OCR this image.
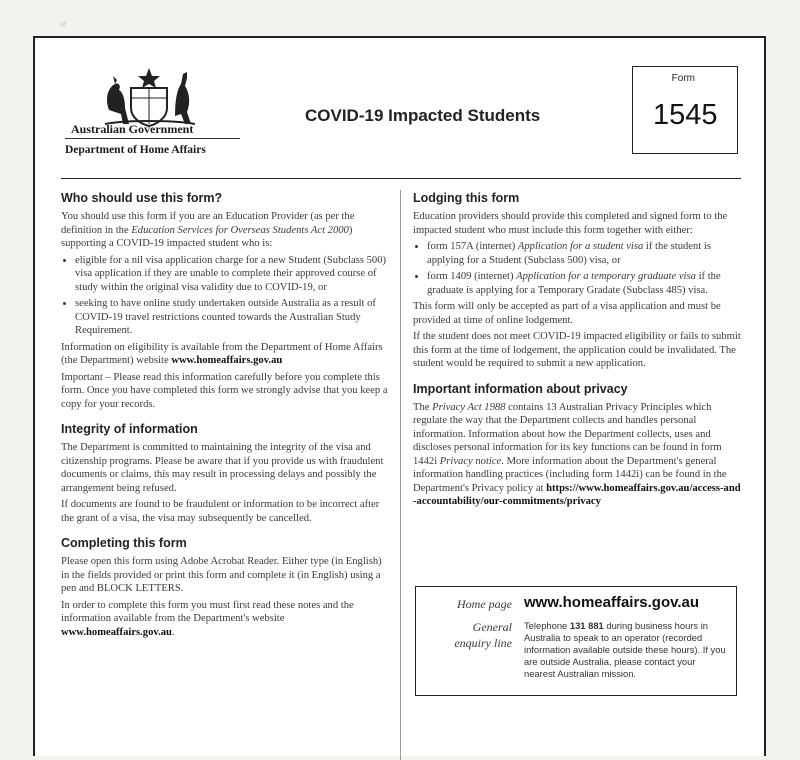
❤
Australian Government
Department of Home Affairs
COVID-19 Impacted Students
Form
1545
Who should use this form?

You should use this form if you are an Education Provider (as per the definition in the Education Services for Overseas Students Act 2000) supporting a COVID-19 impacted student who is:

• eligible for a nil visa application charge for a new Student (Subclass 500) visa application if they are unable to complete their approved course of study within the original visa validity due to COVID-19, or
• seeking to have online study undertaken outside Australia as a result of COVID-19 travel restrictions counted towards the Australian Study Requirement.

Information on eligibility is available from the Department of Home Affairs (the Department) website www.homeaffairs.gov.au

Important – Please read this information carefully before you complete this form. Once you have completed this form we strongly advise that you keep a copy for your records.

Integrity of information

The Department is committed to maintaining the integrity of the visa and citizenship programs. Please be aware that if you provide us with fraudulent documents or claims, this may result in processing delays and possibly the arrangement being refused.

If documents are found to be fraudulent or information to be incorrect after the grant of a visa, the visa may subsequently be cancelled.

Completing this form

Please open this form using Adobe Acrobat Reader. Either type (in English) in the fields provided or print this form and complete it (in English) using a pen and BLOCK LETTERS.

In order to complete this form you must first read these notes and the information available from the Department's website www.homeaffairs.gov.au.

Lodging this form

Education providers should provide this completed and signed form to the impacted student who must include this form together with either:

• form 157A (internet) Application for a student visa if the student is applying for a Student (Subclass 500) visa, or
• form 1409 (internet) Application for a temporary graduate visa if the graduate is applying for a Temporary Gradate (Subclass 485) visa.

This form will only be accepted as part of a visa application and must be provided at time of online lodgement.

If the student does not meet COVID-19 impacted eligibility or fails to submit this form at the time of lodgement, the application could be invalidated. The student would be required to submit a new application.

Important information about privacy

The Privacy Act 1988 contains 13 Australian Privacy Principles which regulate the way that the Department collects and handles personal information. Information about how the Department collects, uses and discloses personal information for its key functions can be found in form 1442i Privacy notice. More information about the Department's general information handling practices (including form 1442i) can be found in the Department's Privacy policy at https://www.homeaffairs.gov.au/access-and-accountability/our-commitments/privacy

Home page www.homeaffairs.gov.au
General
enquiry line
Telephone 131 881 during business hours in Australia to speak to an operator (recorded information available outside these hours). If you are outside Australia, please contact your nearest Australian mission.
